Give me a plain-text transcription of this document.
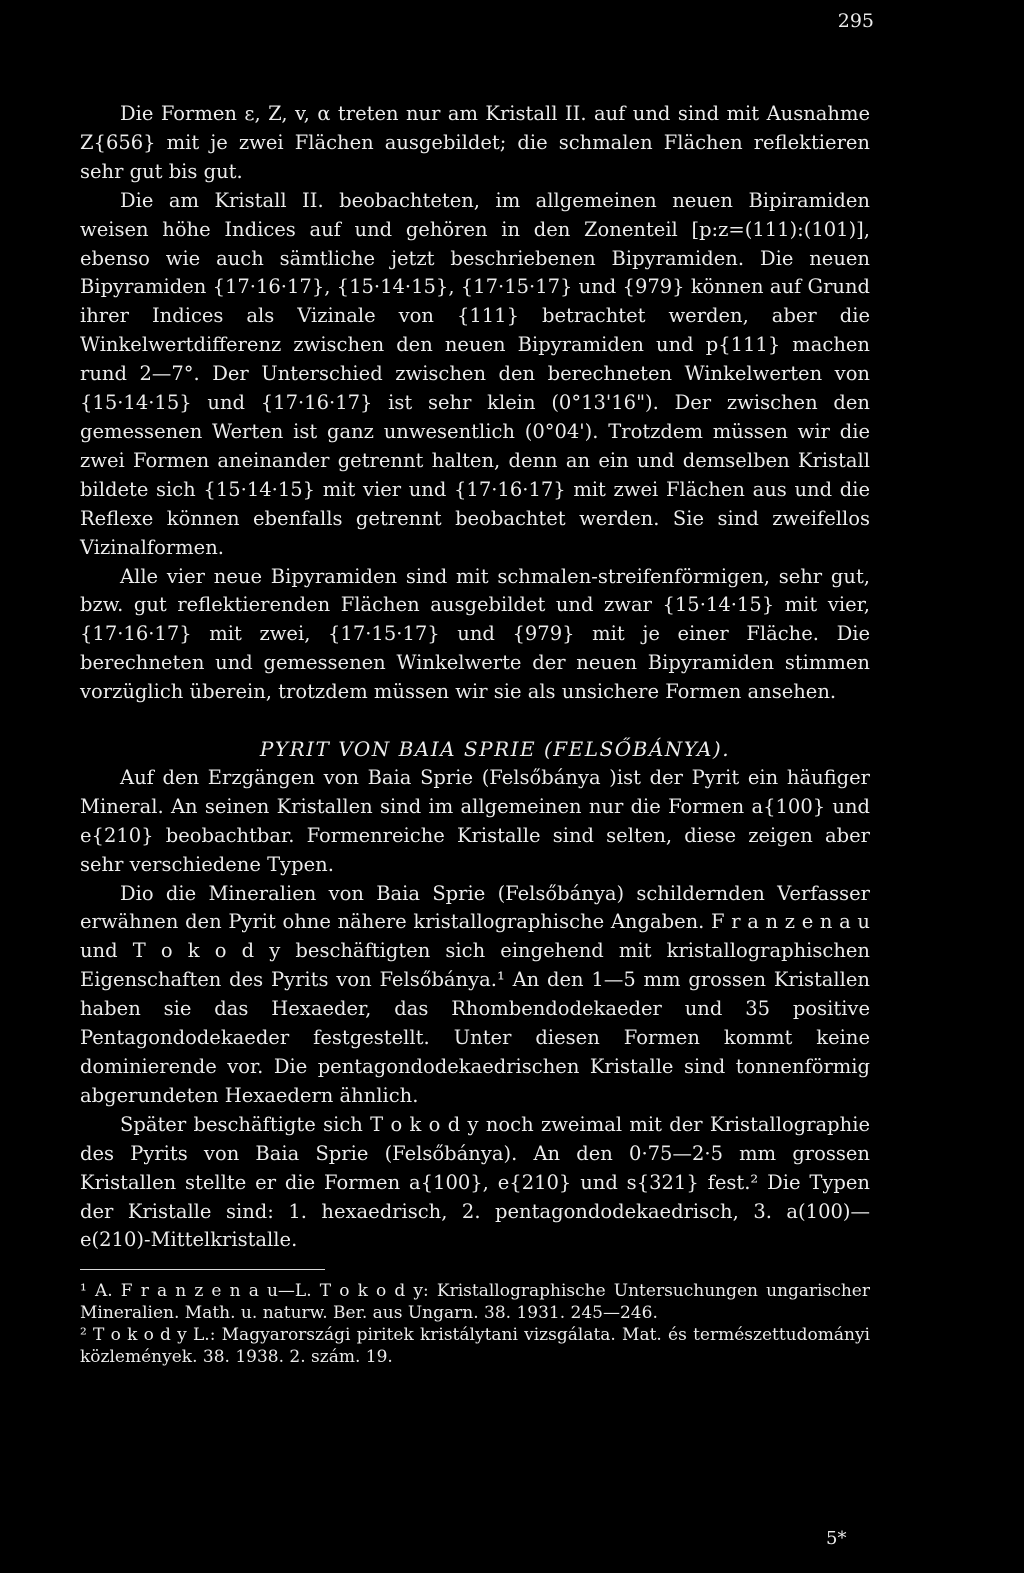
295

Die Formen ε, Z, v, α treten nur am Kristall II. auf und sind mit Ausnahme Z{656} mit je zwei Flächen ausgebildet; die schmalen Flächen reflektieren sehr gut bis gut.

Die am Kristall II. beobachteten, im allgemeinen neuen Bipiramiden weisen höhe Indices auf und gehören in den Zonenteil [p:z=(111):(101)], ebenso wie auch sämtliche jetzt beschriebenen Bipyramiden. Die neuen Bipyramiden {17·16·17}, {15·14·15}, {17·15·17} und {979} können auf Grund ihrer Indices als Vizinale von {111} betrachtet werden, aber die Winkelwertdifferenz zwischen den neuen Bipyramiden und p{111} machen rund 2—7°. Der Unterschied zwischen den berechneten Winkelwerten von {15·14·15} und {17·16·17} ist sehr klein (0°13'16"). Der zwischen den gemessenen Werten ist ganz unwesentlich (0°04'). Trotzdem müssen wir die zwei Formen aneinander getrennt halten, denn an ein und demselben Kristall bildete sich {15·14·15} mit vier und {17·16·17} mit zwei Flächen aus und die Reflexe können ebenfalls getrennt beobachtet werden. Sie sind zweifellos Vizinalformen.

Alle vier neue Bipyramiden sind mit schmalen-streifenförmigen, sehr gut, bzw. gut reflektierenden Flächen ausgebildet und zwar {15·14·15} mit vier, {17·16·17} mit zwei, {17·15·17} und {979} mit je einer Fläche. Die berechneten und gemessenen Winkelwerte der neuen Bipyramiden stimmen vorzüglich überein, trotzdem müssen wir sie als unsichere Formen ansehen.

PYRIT VON BAIA SPRIE (FELSŐBÁNYA).

Auf den Erzgängen von Baia Sprie (Felsőbánya )ist der Pyrit ein häufiger Mineral. An seinen Kristallen sind im allgemeinen nur die Formen a{100} und e{210} beobachtbar. Formenreiche Kristalle sind selten, diese zeigen aber sehr verschiedene Typen.

Dio die Mineralien von Baia Sprie (Felsőbánya) schildernden Verfasser erwähnen den Pyrit ohne nähere kristallographische Angaben. F r a n z e n a u und T o k o d y beschäftigten sich eingehend mit kristallographischen Eigenschaften des Pyrits von Felsőbánya.¹ An den 1—5 mm grossen Kristallen haben sie das Hexaeder, das Rhombendodekaeder und 35 positive Pentagondodekaeder festgestellt. Unter diesen Formen kommt keine dominierende vor. Die pentagondodekaedrischen Kristalle sind tonnenförmig abgerundeten Hexaedern ähnlich.

Später beschäftigte sich T o k o d y noch zweimal mit der Kristallographie des Pyrits von Baia Sprie (Felsőbánya). An den 0·75—2·5 mm grossen Kristallen stellte er die Formen a{100}, e{210} und s{321} fest.² Die Typen der Kristalle sind: 1. hexaedrisch, 2. pentagondodekaedrisch, 3. a(100)—e(210)-Mittelkristalle.

¹ A. F r a n z e n a u—L. T o k o d y: Kristallographische Untersuchungen ungarischer Mineralien. Math. u. naturw. Ber. aus Ungarn. 38. 1931. 245—246.

² T o k o d y L.: Magyarországi piritek kristálytani vizsgálata. Mat. és természettudományi közlemények. 38. 1938. 2. szám. 19.

5*
